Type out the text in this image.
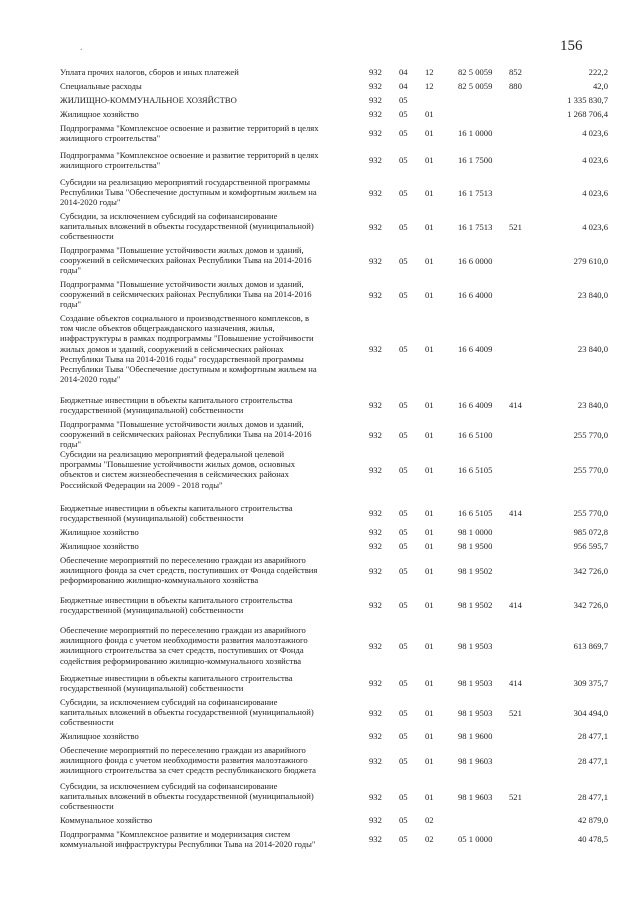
.	156
Уплата прочих налогов, сборов и иных платежей	932 04 12	82 5 0059 852	222,2
Специальные расходы	932 04 12	82 5 0059 880	42,0
ЖИЛИЩНО-КОММУНАЛЬНОЕ ХОЗЯЙСТВО	932 05	1 335 830,7
Жилищное хозяйство	932 05 01	1 268 706,4
Подпрограмма "Комплексное освоение и развитие территорий в целях
жилищного строительства"
932 05 01	16 1 0000	4 023,6
Подпрограмма "Комплексное освоение и развитие территорий в целях
жилищного строительства"
932 05 01	16 1 7500	4 023,6
Субсидии на реализацию мероприятий государственной программы
Республики Тыва "Обеспечение доступным и комфортным жильем на
2014-2020 годы"
932 05 01	16 1 7513	4 023,6
Субсидии, за исключением субсидий на софинансирование
капитальных вложений в объекты государственной (муниципальной)
собственности
932 05 01	16 1 7513 521	4 023,6
Подпрограмма "Повышение устойчивости жилых домов и зданий,
сооружений в сейсмических районах Республики Тыва на 2014-2016
годы"
932 05 01	16 6 0000	279 610,0
Подпрограмма "Повышение устойчивости жилых домов и зданий,
сооружений в сейсмических районах Республики Тыва на 2014-2016
годы"
932 05 01	16 6 4000	23 840,0
Создание объектов социального и производственного комплексов, в
том числе объектов общегражданского назначения, жилья,
инфраструктуры в рамках подпрограммы "Повышение устойчивости
жилых домов и зданий, сооружений в сейсмических районах
Республики Тыва на 2014-2016 годы" государственной программы
Республики Тыва "Обеспечение доступным и комфортным жильем на
2014-2020 годы"
932 05 01	16 6 4009	23 840,0
Бюджетные инвестиции в объекты капитального строительства
государственной (муниципальной) собственности
932 05 01	16 6 4009 414	23 840,0
Подпрограмма "Повышение устойчивости жилых домов и зданий,
сооружений в сейсмических районах Республики Тыва на 2014-2016
годы"
932 05 01	16 6 5100	255 770,0
Субсидии на реализацию мероприятий федеральной целевой
программы "Повышение устойчивости жилых домов, основных
объектов и систем жизнеобеспечения в сейсмических районах
Российской Федерации на 2009 - 2018 годы"
932 05 01	16 6 5105	255 770,0
Бюджетные инвестиции в объекты капитального строительства
государственной (муниципальной) собственности
932 05 01	16 6 5105 414	255 770,0
Жилищное хозяйство	932 05 01	98 1 0000	985 072,8
Жилищное хозяйство	932 05 01	98 1 9500	956 595,7
Обеспечение мероприятий по переселению граждан из аварийного
жилищного фонда за счет средств, поступивших от Фонда содействия
реформированию жилищно-коммунального хозяйства
932 05 01	98 1 9502	342 726,0
Бюджетные инвестиции в объекты капитального строительства
государственной (муниципальной) собственности
932 05 01	98 1 9502 414	342 726,0
Обеспечение мероприятий по переселению граждан из аварийного
жилищного фонда с учетом необходимости развития малоэтажного
жилищного строительства за счет средств, поступивших от Фонда
содействия реформированию жилищно-коммунального хозяйства
932 05 01	98 1 9503	613 869,7
Бюджетные инвестиции в объекты капитального строительства
государственной (муниципальной) собственности
932 05 01	98 1 9503 414	309 375,7
Субсидии, за исключением субсидий на софинансирование
капитальных вложений в объекты государственной (муниципальной)
собственности
932 05 01	98 1 9503 521	304 494,0
Жилищное хозяйство	932 05 01	98 1 9600	28 477,1
Обеспечение мероприятий по переселению граждан из аварийного
жилищного фонда с учетом необходимости развития малоэтажного
жилищного строительства за счет средств республиканского бюджета
932 05 01	98 1 9603	28 477,1
Субсидии, за исключением субсидий на софинансирование
капитальных вложений в объекты государственной (муниципальной)
собственности
932 05 01	98 1 9603 521	28 477,1
Коммунальное хозяйство	932 05 02	42 879,0
Подпрограмма "Комплексное развитие и модернизация систем
коммунальной инфраструктуры Республики Тыва на 2014-2020 годы"
932 05 02	05 1 0000	40 478,5
